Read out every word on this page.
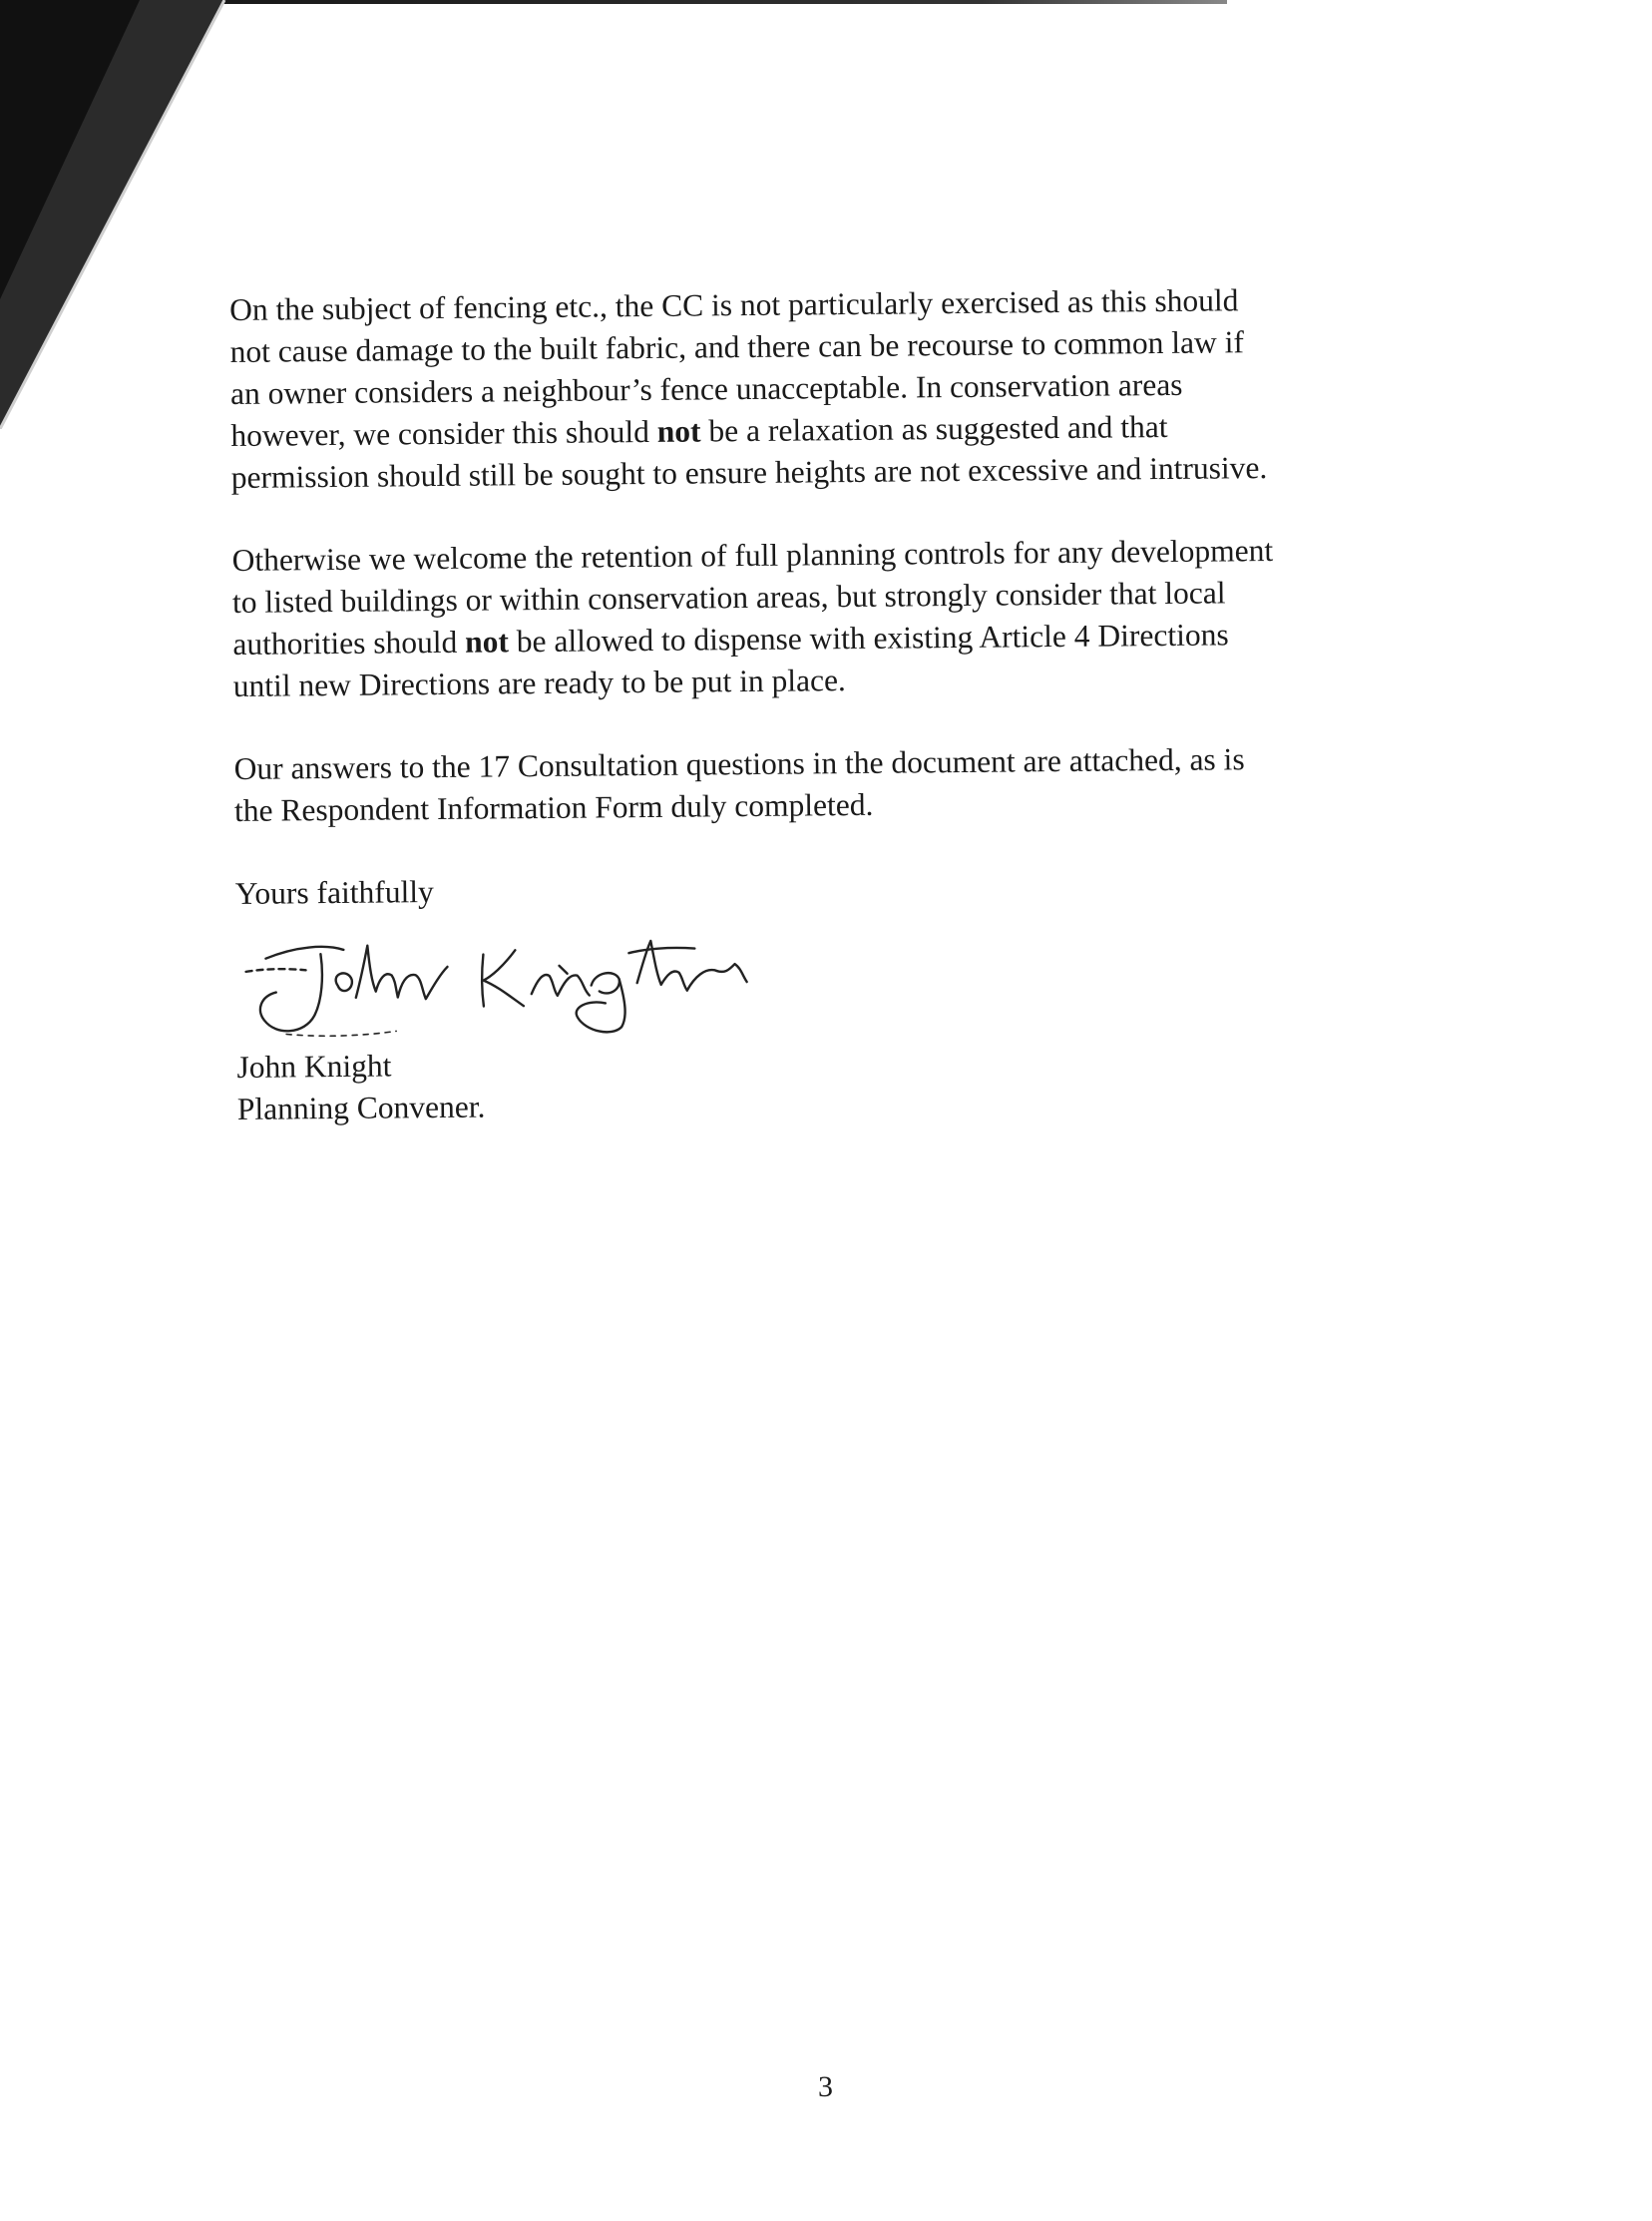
On the subject of fencing etc., the CC is not particularly exercised as this should
not cause damage to the built fabric, and there can be recourse to common law if
an owner considers a neighbour’s fence unacceptable. In conservation areas
however, we consider this should not be a relaxation as suggested and that
permission should still be sought to ensure heights are not excessive and intrusive.

Otherwise we welcome the retention of full planning controls for any development
to listed buildings or within conservation areas, but strongly consider that local
authorities should not be allowed to dispense with existing Article 4 Directions
until new Directions are ready to be put in place.

Our answers to the 17 Consultation questions in the document are attached, as is
the Respondent Information Form duly completed.

Yours faithfully

John Knight

Planning Convener.

3
